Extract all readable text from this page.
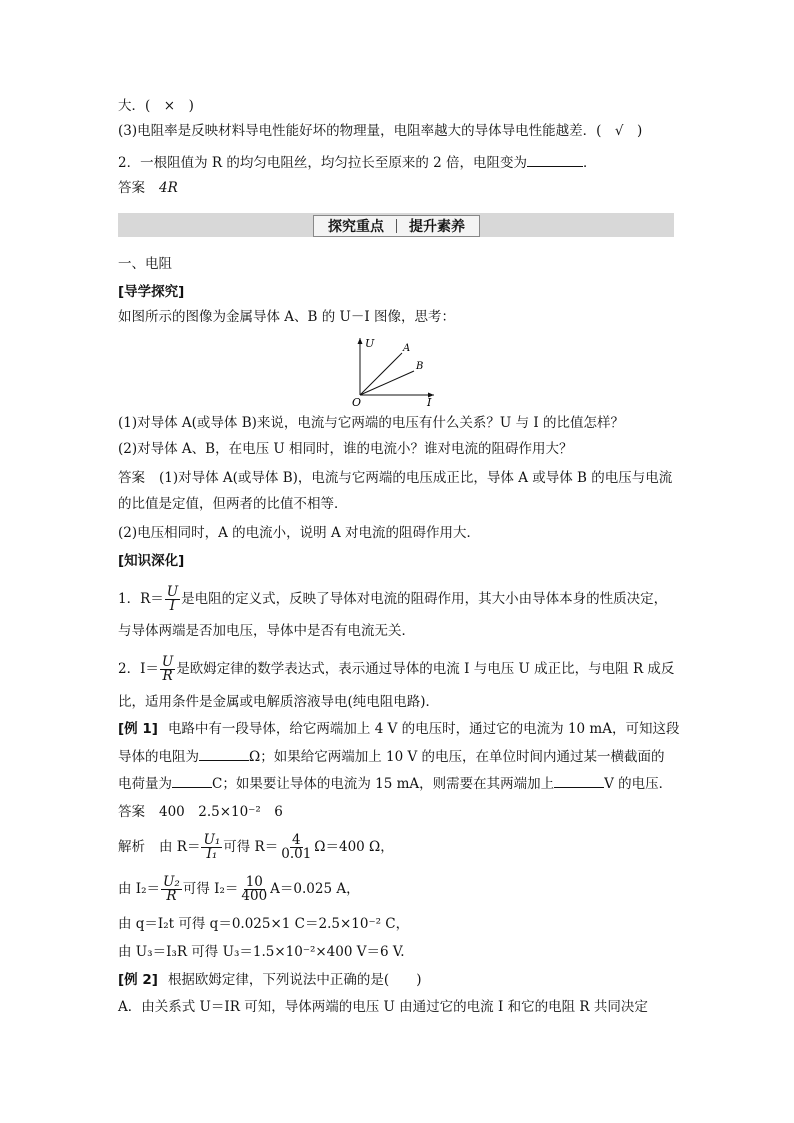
大．(　×　)
(3)电阻率是反映材料导电性能好坏的物理量，电阻率越大的导体导电性能越差．(　√　)
2．一根阻值为 R 的均匀电阻丝，均匀拉长至原来的 2 倍，电阻变为	．
答案 4R
探究重点 提升素养
一、电阻
[导学探究]
如图所示的图像为金属导体 A、B 的 U－I 图像，思考：
U
I
O
A
B
(1)对导体 A(或导体 B)来说，电流与它两端的电压有什么关系？U 与 I 的比值怎样？
(2)对导体 A、B，在电压 U 相同时，谁的电流小？谁对电流的阻碍作用大？
答案 (1)对导体 A(或导体 B)，电流与它两端的电压成正比，导体 A 或导体 B 的电压与电流
的比值是定值，但两者的比值不相等．
(2)电压相同时，A 的电流小，说明 A 对电流的阻碍作用大．
[知识深化]
1．$R= \frac{U}{I}$ 是电阻的定义式，反映了导体对电流的阻碍作用，其大小由导体本身的性质决定，
与导体两端是否加电压，导体中是否有电流无关．
2．$I= \frac{U}{R}$ 是欧姆定律的数学表达式，表示通过导体的电流 I 与电压 U 成正比，与电阻 R 成反
比，适用条件是金属或电解质溶液导电(纯电阻电路)．
[例 1] 电路中有一段导体，给它两端加上 4 V 的电压时，通过它的电流为 10 mA，可知这段
导体的电阻为	Ω；如果给它两端加上 10 V 的电压，在单位时间内通过某一横截面的
电荷量为	C；如果要让导体的电流为 15 mA，则需要在其两端加上	V 的电压．
答案 400　2.5×10⁻²　6
解析 由 $R= \frac{\text{U₁}}{\text{I₁}}$ 可得 $R= \frac{4}{0.01} \Omega=400$ Ω，
由 $I_2= \frac{\text{U₂}}{R}$ 可得 $I_2= \frac{10}{400} A=0.025$ A，
由 q＝I₂t 可得 q＝0.025×1 C＝2.5×10⁻² C，
由 U₃＝I₃R 可得 U₃＝1.5×10⁻²×400 V＝6 V.
[例 2] 根据欧姆定律，下列说法中正确的是(　　)
A．由关系式 U＝IR 可知，导体两端的电压 U 由通过它的电流 I 和它的电阻 R 共同决定
